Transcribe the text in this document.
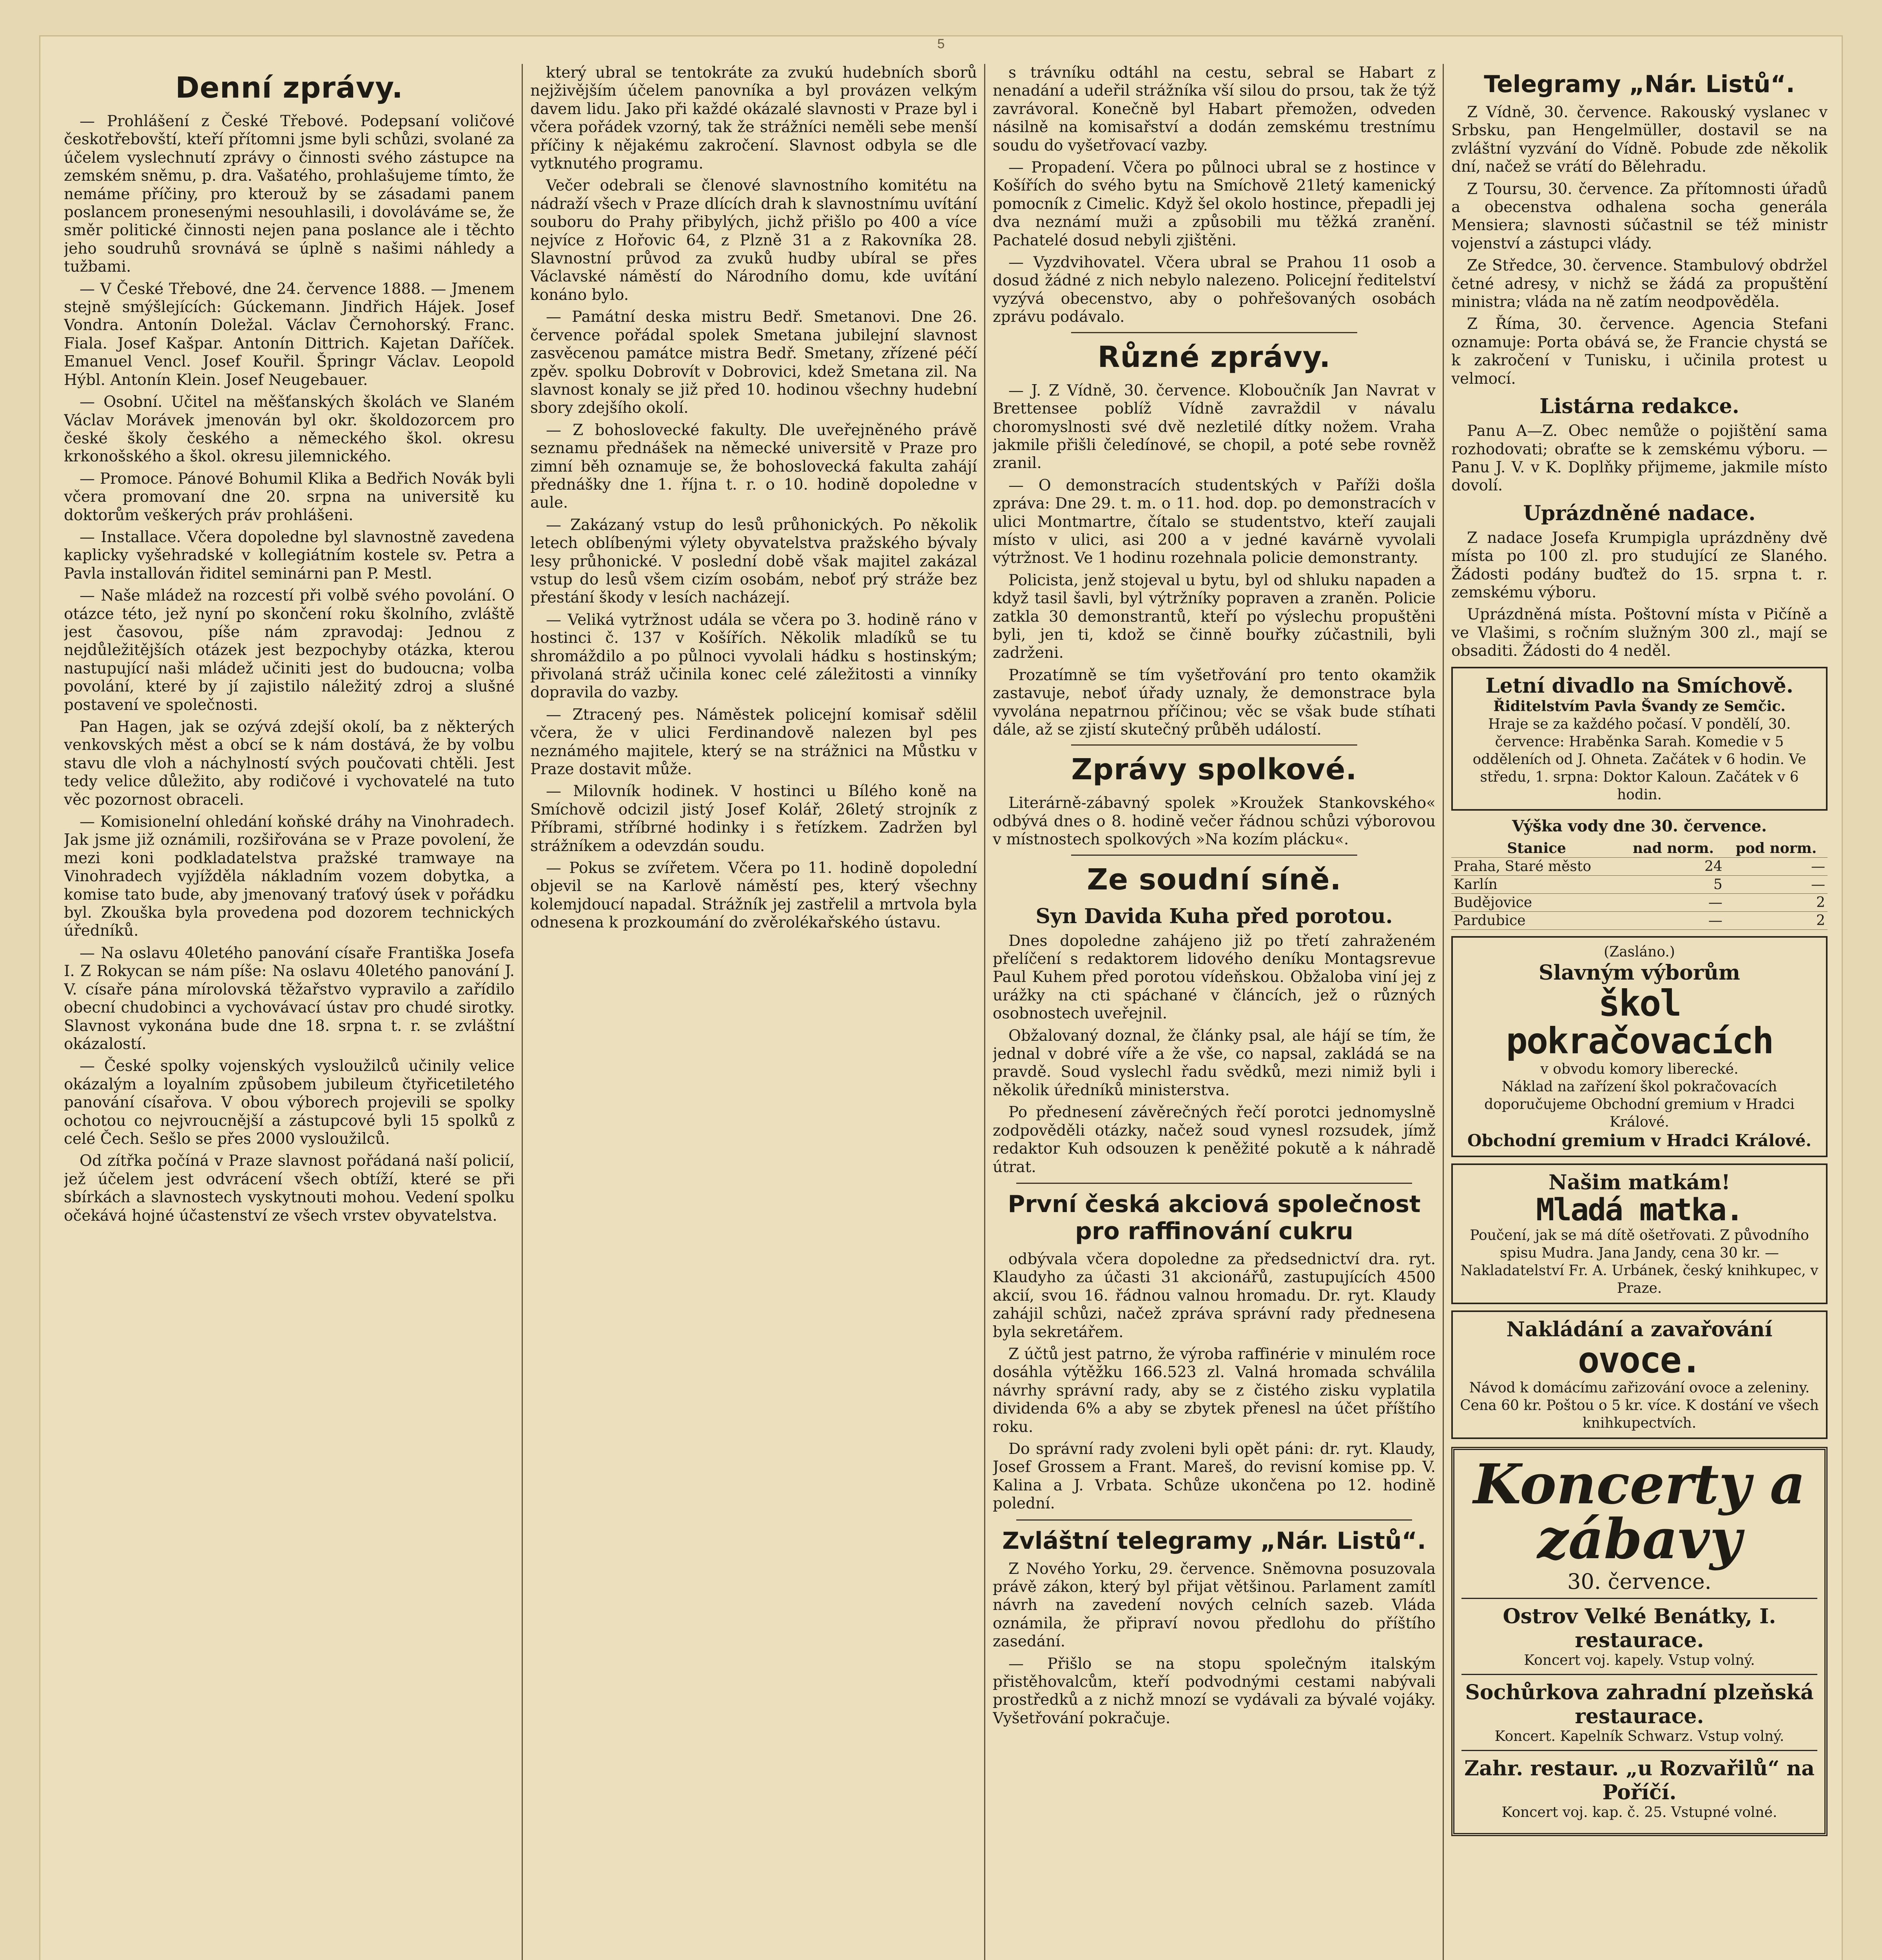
5
Denní zprávy.

— Prohlášení z České Třebové. Podepsaní voličové českotřebovští, kteří přítomni jsme byli schůzi, svolané za účelem vyslechnutí zprávy o činnosti svého zástupce na zemském sněmu, p. dra. Vašatého, prohlašujeme tímto, že nemáme příčiny, pro kterouž by se zásadami panem poslancem pronesenými nesouhlasili, i dovoláváme se, že směr politické činnosti nejen pana poslance ale i těchto jeho soudruhů srovnává se úplně s našimi náhledy a tužbami.

— V České Třebové, dne 24. července 1888. — Jmenem stejně smýšlejících: Gúckemann. Jindřich Hájek. Josef Vondra. Antonín Doležal. Václav Černohorský. Franc. Fiala. Josef Kašpar. Antonín Dittrich. Kajetan Daříček. Emanuel Vencl. Josef Kouřil. Špringr Václav. Leopold Hýbl. Antonín Klein. Josef Neugebauer.

— Osobní. Učitel na měšťanských školách ve Slaném Václav Morávek jmenován byl okr. školdozorcem pro české školy českého a německého škol. okresu krkonošského a škol. okresu jilemnického.

— Promoce. Pánové Bohumil Klika a Bedřich Novák byli včera promovaní dne 20. srpna na universitě ku doktorům veškerých práv prohlášeni.

— Installace. Včera dopoledne byl slavnostně zavedena kaplicky vyšehradské v kollegiátním kostele sv. Petra a Pavla installován řiditel seminárni pan P. Mestl.

— Naše mládež na rozcestí při volbě svého povolání. O otázce této, jež nyní po skončení roku školního, zvláště jest časovou, píše nám zpravodaj: Jednou z nejdůležitějších otázek jest bezpochyby otázka, kterou nastupující naši mládež učiniti jest do budoucna; volba povolání, které by jí zajistilo náležitý zdroj a slušné postavení ve společnosti.

Pan Hagen, jak se ozývá zdejší okolí, ba z některých venkovských měst a obcí se k nám dostává, že by volbu stavu dle vloh a náchylností svých poučovati chtěli. Jest tedy velice důležito, aby rodičové i vychovatelé na tuto věc pozornost obraceli.

— Komisionelní ohledání koňské dráhy na Vinohradech. Jak jsme již oznámili, rozšiřována se v Praze povolení, že mezi koni podkladatelstva pražské tramwaye na Vinohradech vyjížděla nákladním vozem dobytka, a komise tato bude, aby jmenovaný traťový úsek v pořádku byl. Zkouška byla provedena pod dozorem technických úředníků.

— Na oslavu 40letého panování císaře Františka Josefa I. Z Rokycan se nám píše: Na oslavu 40letého panování J. V. císaře pána mírolovská těžařstvo vypravilo a zařídilo obecní chudobinci a vychovávací ústav pro chudé sirotky. Slavnost vykonána bude dne 18. srpna t. r. se zvláštní okázalostí.

— České spolky vojenských vysloužilců učinily velice okázalým a loyalním způsobem jubileum čtyřicetiletého panování císařova. V obou výborech projevili se spolky ochotou co nejvroucnější a zástupcové byli 15 spolků z celé Čech. Sešlo se přes 2000 vysloužilců.

Od zítřka počíná v Praze slavnost pořádaná naší policií, jež účelem jest odvrácení všech obtíží, které se při sbírkách a slavnostech vyskytnouti mohou. Vedení spolku očekává hojné účastenství ze všech vrstev obyvatelstva.

který ubral se tentokráte za zvukú hudebních sborů nejživějším účelem panovníka a byl provázen velkým davem lidu. Jako při každé okázalé slavnosti v Praze byl i včera pořádek vzorný, tak že strážníci neměli sebe menší příčiny k nějakému zakročení. Slavnost odbyla se dle vytknutého programu.

Večer odebrali se členové slavnostního komitétu na nádraží všech v Praze dlících drah k slavnostnímu uvítání souboru do Prahy přibylých, jichž přišlo po 400 a více nejvíce z Hořovic 64, z Plzně 31 a z Rakovníka 28. Slavnostní průvod za zvuků hudby ubíral se přes Václavské náměstí do Národního domu, kde uvítání konáno bylo.

— Památní deska mistru Bedř. Smetanovi. Dne 26. července pořádal spolek Smetana jubilejní slavnost zasvěcenou památce mistra Bedř. Smetany, zřízené péčí zpěv. spolku Dobrovít v Dobrovici, kdež Smetana zil. Na slavnost konaly se již před 10. hodinou všechny hudební sbory zdejšího okolí.

— Z bohoslovecké fakulty. Dle uveřejněného právě seznamu přednášek na německé universitě v Praze pro zimní běh oznamuje se, že bohoslovecká fakulta zahájí přednášky dne 1. října t. r. o 10. hodině dopoledne v aule.

— Zakázaný vstup do lesů průhonických. Po několik letech oblíbenými výlety obyvatelstva pražského bývaly lesy průhonické. V poslední době však majitel zakázal vstup do lesů všem cizím osobám, neboť prý stráže bez přestání škody v lesích nacházejí.

— Veliká vytržnost udála se včera po 3. hodině ráno v hostinci č. 137 v Košířích. Několik mladíků se tu shromáždilo a po půlnoci vyvolali hádku s hostinským; přivolaná stráž učinila konec celé záležitosti a vinníky dopravila do vazby.

— Ztracený pes. Náměstek policejní komisař sdělil včera, že v ulici Ferdinandově nalezen byl pes neznámého majitele, který se na strážnici na Můstku v Praze dostavit může.

— Milovník hodinek. V hostinci u Bílého koně na Smíchově odcizil jistý Josef Kolář, 26letý strojník z Příbrami, stříbrné hodinky i s řetízkem. Zadržen byl strážníkem a odevzdán soudu.

— Pokus se zvířetem. Včera po 11. hodině dopolední objevil se na Karlově náměstí pes, který všechny kolemjdoucí napadal. Strážník jej zastřelil a mrtvola byla odnesena k prozkoumání do zvěrolékařského ústavu.

s trávníku odtáhl na cestu, sebral se Habart z nenadání a udeřil strážníka vší silou do prsou, tak že týž zavrávoral. Konečně byl Habart přemožen, odveden násilně na komisařství a dodán zemskému trestnímu soudu do vyšetřovací vazby.

— Propadení. Včera po půlnoci ubral se z hostince v Košířích do svého bytu na Smíchově 21letý kamenický pomocník z Cimelic. Když šel okolo hostince, přepadli jej dva neznámí muži a způsobili mu těžká zranění. Pachatelé dosud nebyli zjištěni.

— Vyzdvihovatel. Včera ubral se Prahou 11 osob a dosud žádné z nich nebylo nalezeno. Policejní ředitelství vyzývá obecenstvo, aby o pohřešovaných osobách zprávu podávalo.

Různé zprávy.

— J. Z Vídně, 30. července. Kloboučník Jan Navrat v Brettensee poblíž Vídně zavraždil v návalu choromyslnosti své dvě nezletilé dítky nožem. Vraha jakmile přišli čeledínové, se chopil, a poté sebe rovněž zranil.

— O demonstracích studentských v Paříži došla zpráva: Dne 29. t. m. o 11. hod. dop. po demonstracích v ulici Montmartre, čítalo se studentstvo, kteří zaujali místo v ulici, asi 200 a v jedné kavárně vyvolali výtržnost. Ve 1 hodinu rozehnala policie demonstranty.

Policista, jenž stojeval u bytu, byl od shluku napaden a když tasil šavli, byl výtržníky popraven a zraněn. Policie zatkla 30 demonstrantů, kteří po výslechu propuštěni byli, jen ti, kdož se činně bouřky zúčastnili, byli zadrženi.

Prozatímně se tím vyšetřování pro tento okamžik zastavuje, neboť úřady uznaly, že demonstrace byla vyvolána nepatrnou příčinou; věc se však bude stíhati dále, až se zjistí skutečný průběh událostí.

Zprávy spolkové.

Literárně-zábavný spolek »Kroužek Stankovského« odbývá dnes o 8. hodině večer řádnou schůzi výborovou v místnostech spolkových »Na kozím plácku«.

Ze soudní síně.
Syn Davida Kuha před porotou.

Dnes dopoledne zahájeno již po třetí zahraženém přelíčení s redaktorem lidového deníku Montagsrevue Paul Kuhem před porotou vídeňskou. Obžaloba viní jej z urážky na cti spáchané v článcích, jež o různých osobnostech uveřejnil.

Obžalovaný doznal, že články psal, ale hájí se tím, že jednal v dobré víře a že vše, co napsal, zakládá se na pravdě. Soud vyslechl řadu svědků, mezi nimiž byli i několik úředníků ministerstva.

Po přednesení závěrečných řečí porotci jednomyslně zodpověděli otázky, načež soud vynesl rozsudek, jímž redaktor Kuh odsouzen k peněžité pokutě a k náhradě útrat.

První česká akciová společnost pro raffinování cukru

odbývala včera dopoledne za předsednictví dra. ryt. Klaudyho za účasti 31 akcionářů, zastupujících 4500 akcií, svou 16. řádnou valnou hromadu. Dr. ryt. Klaudy zahájil schůzi, načež zpráva správní rady přednesena byla sekretářem.

Z účtů jest patrno, že výroba raffinérie v minulém roce dosáhla výtěžku 166.523 zl. Valná hromada schválila návrhy správní rady, aby se z čistého zisku vyplatila dividenda 6% a aby se zbytek přenesl na účet příštího roku.

Do správní rady zvoleni byli opět páni: dr. ryt. Klaudy, Josef Grossem a Frant. Mareš, do revisní komise pp. V. Kalina a J. Vrbata. Schůze ukončena po 12. hodině polední.

Zvláštní telegramy „Nár. Listů“.

Z Nového Yorku, 29. července. Sněmovna posuzovala právě zákon, který byl přijat většinou. Parlament zamítl návrh na zavedení nových celních sazeb. Vláda oznámila, že připraví novou předlohu do příštího zasedání.

— Přišlo se na stopu společným italským přistěhovalcům, kteří podvodnými cestami nabývali prostředků a z nichž mnozí se vydávali za bývalé vojáky. Vyšetřování pokračuje.

Telegramy „Nár. Listů“.

Z Vídně, 30. července. Rakouský vyslanec v Srbsku, pan Hengelmüller, dostavil se na zvláštní vyzvání do Vídně. Pobude zde několik dní, načež se vrátí do Bělehradu.

Z Toursu, 30. července. Za přítomnosti úřadů a obecenstva odhalena socha generála Mensiera; slavnosti súčastnil se též ministr vojenství a zástupci vlády.

Ze Středce, 30. července. Stambulový obdržel četné adresy, v nichž se žádá za propuštění ministra; vláda na ně zatím neodpověděla.

Z Říma, 30. července. Agencia Stefani oznamuje: Porta obává se, že Francie chystá se k zakročení v Tunisku, i učinila protest u velmocí.

Listárna redakce.

Panu A—Z. Obec nemůže o pojištění sama rozhodovati; obraťte se k zemskému výboru. — Panu J. V. v K. Doplňky přijmeme, jakmile místo dovolí.

Uprázdněné nadace.

Z nadace Josefa Krumpigla uprázdněny dvě místa po 100 zl. pro studující ze Slaného. Žádosti podány buďtež do 15. srpna t. r. zemskému výboru.

Uprázdněná místa. Poštovní místa v Pičíně a ve Vlašimi, s ročním služným 300 zl., mají se obsaditi. Žádosti do 4 neděl.

Letní divadlo na Smíchově.
Řiditelstvím Pavla Švandy ze Semčic.
Hraje se za každého počasí. V pondělí, 30. července: Hraběnka Sarah. Komedie v 5 odděleních od J. Ohneta. Začátek v 6 hodin. Ve středu, 1. srpna: Doktor Kaloun. Začátek v 6 hodin.
Výška vody dne 30. července.
Stanice	nad norm.	pod norm.
Praha, Staré město	24	—
Karlín	5	—
Budějovice	—	2
Pardubice	—	2
(Zasláno.)
Slavným výborům
škol pokračovacích
v obvodu komory liberecké.
Náklad na zařízení škol pokračovacích doporučujeme Obchodní gremium v Hradci Králové.
Obchodní gremium v Hradci Králové.
Našim matkám!
Mladá matka.
Poučení, jak se má dítě ošetřovati. Z původního spisu Mudra. Jana Jandy, cena 30 kr. — Nakladatelství Fr. A. Urbánek, český knihkupec, v Praze.
Nakládání a zavařování
ovoce.
Návod k domácímu zařizování ovoce a zeleniny. Cena 60 kr. Poštou o 5 kr. více. K dostání ve všech knihkupectvích.
Koncerty a zábavy
30. července.
Ostrov Velké Benátky, I. restaurace.
Koncert voj. kapely. Vstup volný.
Sochůrkova zahradní plzeňská restaurace.
Koncert. Kapelník Schwarz. Vstup volný.
Zahr. restaur. „u Rozvařilů“ na Poříčí.
Koncert voj. kap. č. 25. Vstupné volné.
